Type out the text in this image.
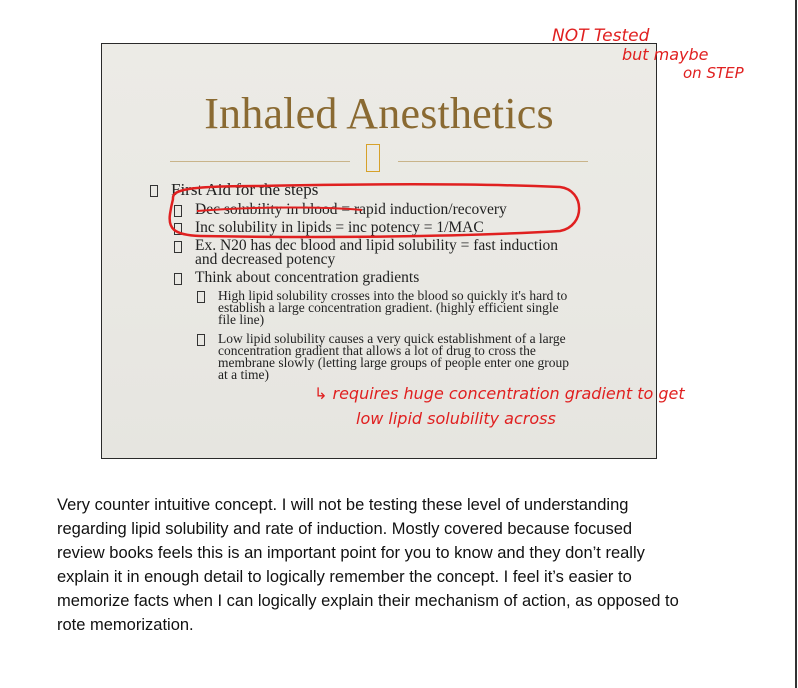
Inhaled Anesthetics
First Aid for the steps
Dec solubility in blood = rapid induction/recovery
Inc solubility in lipids = inc potency = 1/MAC
Ex. N20 has dec blood and lipid solubility = fast induction
and decreased potency
Think about concentration gradients
High lipid solubility crosses into the blood so quickly it's hard to
establish a large concentration gradient. (highly efficient single
file line)
Low lipid solubility causes a very quick establishment of a large
concentration gradient that allows a lot of drug to cross the
membrane slowly (letting large groups of people enter one group
at a time)
NOT Tested
but maybe
on STEP
↳ requires huge concentration gradient to get
low lipid solubility across
Very counter intuitive concept. I will not be testing these level of understanding
regarding lipid solubility and rate of induction. Mostly covered because focused
review books feels this is an important point for you to know and they don’t really
explain it in enough detail to logically remember the concept. I feel it’s easier to
memorize facts when I can logically explain their mechanism of action, as opposed to
rote memorization.
